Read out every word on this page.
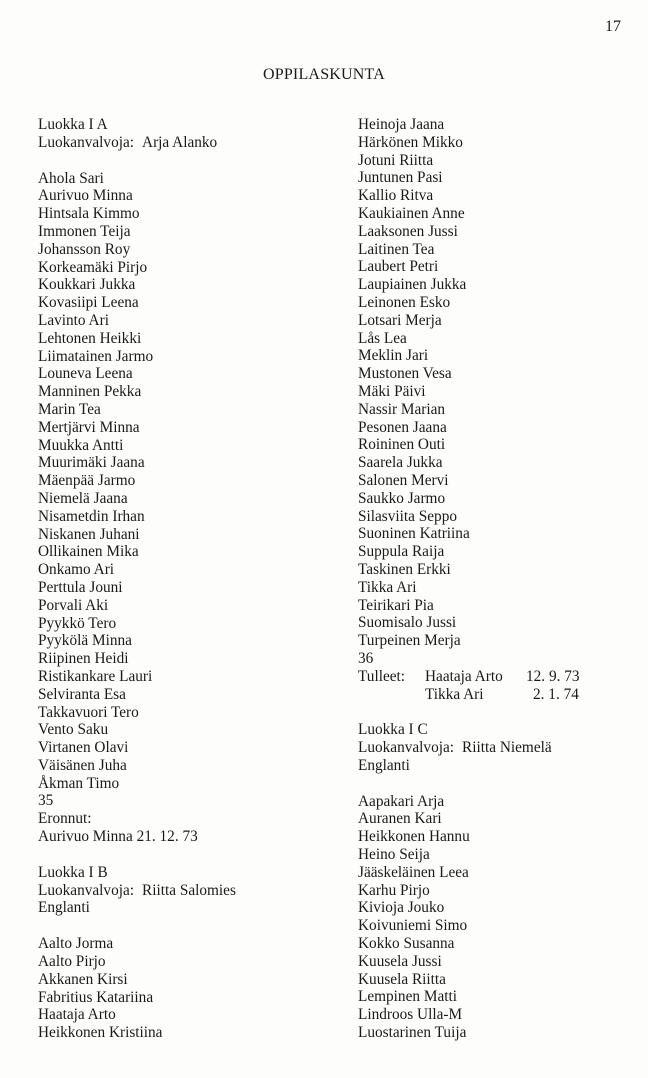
17
OPPILASKUNTA
Luokka I A
Luokanvalvoja: Arja Alanko
Ahola Sari
Aurivuo Minna
Hintsala Kimmo
Immonen Teija
Johansson Roy
Korkeamäki Pirjo
Koukkari Jukka
Kovasiipi Leena
Lavinto Ari
Lehtonen Heikki
Liimatainen Jarmo
Louneva Leena
Manninen Pekka
Marin Tea
Mertjärvi Minna
Muukka Antti
Muurimäki Jaana
Mäenpää Jarmo
Niemelä Jaana
Nisametdin Irhan
Niskanen Juhani
Ollikainen Mika
Onkamo Ari
Perttula Jouni
Porvali Aki
Pyykkö Tero
Pyykölä Minna
Riipinen Heidi
Ristikankare Lauri
Selviranta Esa
Takkavuori Tero
Vento Saku
Virtanen Olavi
Väisänen Juha
Åkman Timo
35
Eronnut:
Aurivuo Minna 21. 12. 73
Luokka I B
Luokanvalvoja: Riitta Salomies
Englanti
Aalto Jorma
Aalto Pirjo
Akkanen Kirsi
Fabritius Katariina
Haataja Arto
Heikkonen Kristiina
Heinoja Jaana
Härkönen Mikko
Jotuni Riitta
Juntunen Pasi
Kallio Ritva
Kaukiainen Anne
Laaksonen Jussi
Laitinen Tea
Laubert Petri
Laupiainen Jukka
Leinonen Esko
Lotsari Merja
Lås Lea
Meklin Jari
Mustonen Vesa
Mäki Päivi
Nassir Marian
Pesonen Jaana
Roininen Outi
Saarela Jukka
Salonen Mervi
Saukko Jarmo
Silasviita Seppo
Suoninen Katriina
Suppula Raija
Taskinen Erkki
Tikka Ari
Teirikari Pia
Suomisalo Jussi
Turpeinen Merja
36
Tulleet:	Haataja Arto	12. 9. 73
Tikka Ari	2. 1. 74
Luokka I C
Luokanvalvoja: Riitta Niemelä
Englanti
Aapakari Arja
Auranen Kari
Heikkonen Hannu
Heino Seija
Jääskeläinen Leea
Karhu Pirjo
Kivioja Jouko
Koivuniemi Simo
Kokko Susanna
Kuusela Jussi
Kuusela Riitta
Lempinen Matti
Lindroos Ulla-M
Luostarinen Tuija
